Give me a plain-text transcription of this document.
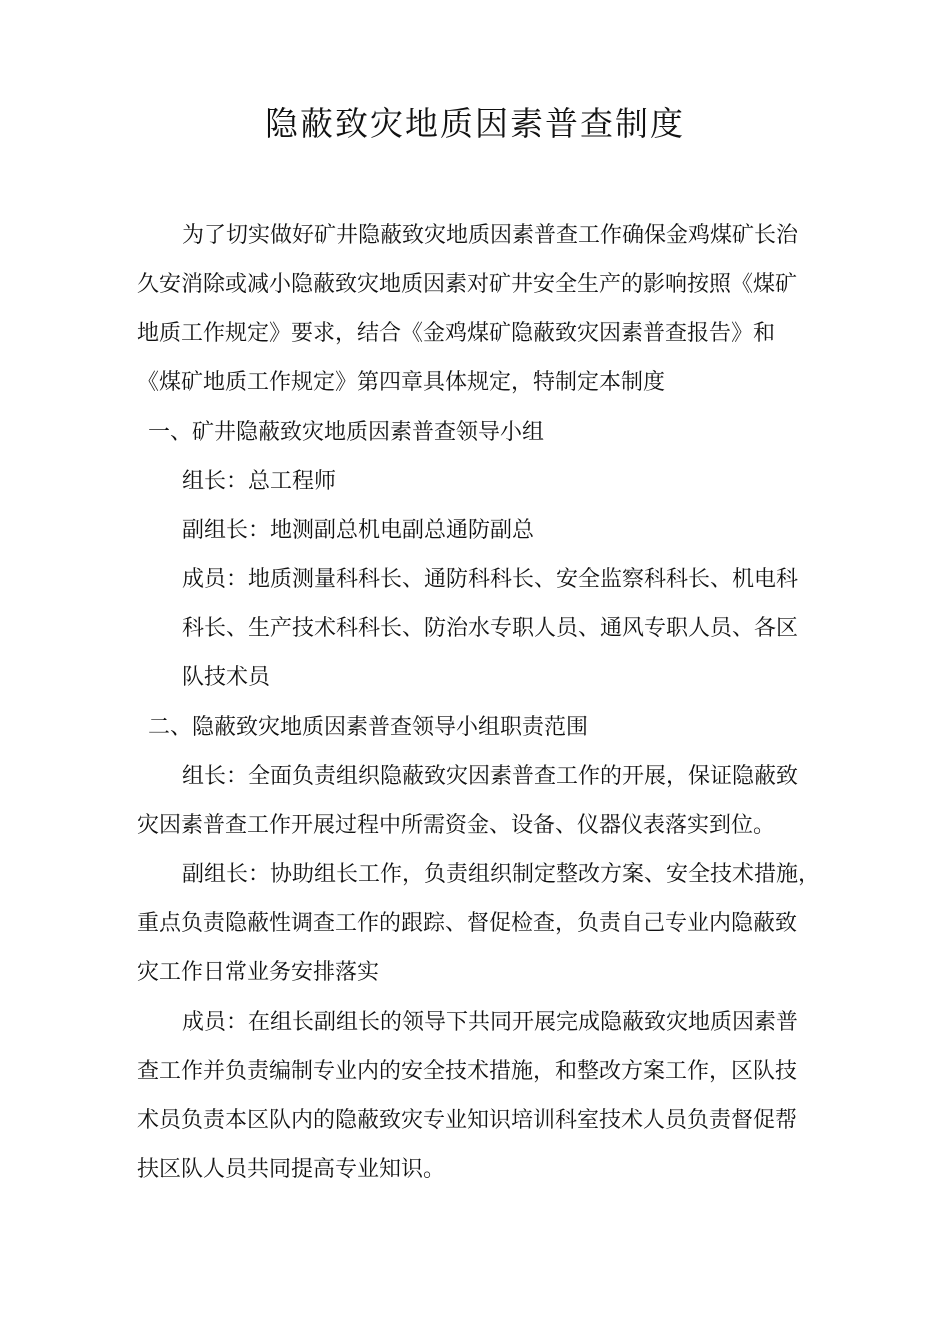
隐蔽致灾地质因素普查制度

为了切实做好矿井隐蔽致灾地质因素普查工作确保金鸡煤矿长治

久安消除或减小隐蔽致灾地质因素对矿井安全生产的影响按照《煤矿

地质工作规定》要求，结合《金鸡煤矿隐蔽致灾因素普查报告》和

《煤矿地质工作规定》第四章具体规定，特制定本制度

一、矿井隐蔽致灾地质因素普查领导小组

组长：总工程师

副组长：地测副总机电副总通防副总

成员：地质测量科科长、通防科科长、安全监察科科长、机电科

科长、生产技术科科长、防治水专职人员、通风专职人员、各区

队技术员

二、隐蔽致灾地质因素普查领导小组职责范围

组长：全面负责组织隐蔽致灾因素普查工作的开展，保证隐蔽致

灾因素普查工作开展过程中所需资金、设备、仪器仪表落实到位。

副组长：协助组长工作，负责组织制定整改方案、安全技术措施，

重点负责隐蔽性调查工作的跟踪、督促检查，负责自己专业内隐蔽致

灾工作日常业务安排落实

成员：在组长副组长的领导下共同开展完成隐蔽致灾地质因素普

查工作并负责编制专业内的安全技术措施，和整改方案工作，区队技

术员负责本区队内的隐蔽致灾专业知识培训科室技术人员负责督促帮

扶区队人员共同提高专业知识。
